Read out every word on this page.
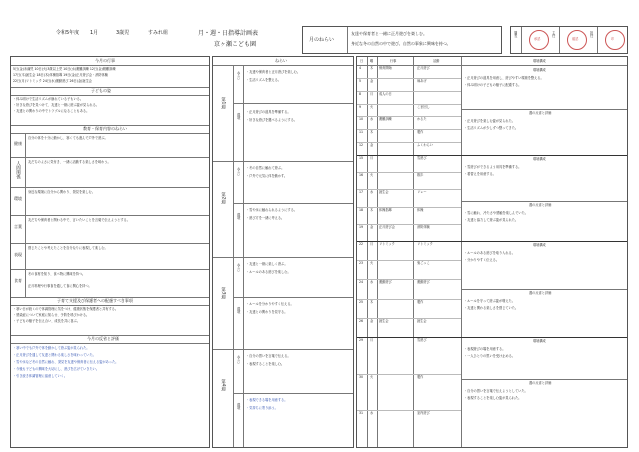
令和5年度 1月	3歳児	すみれ組	月・週・日指導計画表
京ヶ瀬こども園
月のねらい
友達や保育者と一緒に正月遊びを楽しむ。
身近な冬の自然の中で遊び、自然の事象に興味を持つ。
園長	主任	担任
承認	確認	印
今月の行事
5日(金)未満児 10日(火)3歳以上児 10日(水)避難訓練 12日(金)避難訓練
17日(木)誕生会 18日(木)体操指導 19日(金)正月遊び会・消防体験
22日(月)リトミック 24日(水)運動遊び 26日(金)誕生会
子どもの姿
・休み明けで生活リズムが崩れている子もいる。
・好きな遊びを見つけて、友達と一緒に遊ぶ姿が見られる。
・友達との関わりの中でトラブルになることもある。
教育・保育内容のねらい
健康
自分の体を十分に動かし、寒くても進んで戸外で遊ぶ。
人間関係 友だちのよさに気付き、一緒に活動する楽しさを味わう。
環境
身近な環境に自分から関わり、発見を楽しむ。
言葉
友だちや保育者と関わる中で、言いたいことを言葉で伝えようとする。
表現
感じたことや考えたことを自分なりに表現して楽しむ。
食育
冬の食材を知り、食べ物に興味を持つ。
正月料理や行事食を通して食に関心を持つ。
子育て支援及び保護者への配慮すべき事項
・寒い日が続くので体調管理に気をつけ、健康状態を保護者と共有する。
・感染症について家庭に知らせ、予防を呼びかける。
・子どもの様子を伝え合い、成長を共に喜ぶ。
今月の反省と評価
・寒い中でも戸外で体を動かして遊ぶ姿が見られた。
・正月遊びを通して友達と関わる楽しさを味わっていた。
・雪や氷など冬の自然に触れ、発見を友達や保育者に伝える姿があった。
・今後も子どもの興味を大切にし、遊びを広げていきたい。
・引き続き体調管理に留意していく。
ねらい
第1週
ねらい ・友達や保育者と正月遊びを楽しむ。
・生活リズムを整える。
環境
・正月遊びの道具を準備する。
・好きな遊びを選べるようにする。
第2週
ねらい ・冬の自然に触れて遊ぶ。
・戸外で元気に体を動かす。
環境
・雪や氷に触れられるようにする。
・遊び方を一緒に考える。
第3週
ねらい ・友達と一緒に楽しく遊ぶ。
・ルールのある遊びを楽しむ。
環境
・ルールを分かりやすく伝える。
・友達との関わりを見守る。
第4週
ねらい ・自分の思いを言葉で伝える。
・表現することを楽しむ。
環境
・表現できる場を用意する。
・気持ちに寄り添う。
日 曜	行事	活動	環境構成
4	木 保育開始	正月遊び
5	金	凧あげ
8	月 成人の日
9	火	こま回し
10 水 避難訓練	かるた
11 木	製作
12 金	ふくわらい
15 月	雪遊び
16 火	散歩
17 水 誕生会	リレー
18 木 体操指導	体操
19 金 正月遊び会	消防体験
22 月 リトミック	リトミック
23 火	鬼ごっこ
24 水 運動遊び	運動遊び
25 木	製作
26 金 誕生会	誕生会
29 月	雪遊び
30 火	製作
31 水	室内遊び
環境構成
・正月遊びの道具を用意し、遊びやすい環境を整える。
・休み明けの子どもの様子に配慮する。
週の反省と評価
・正月遊びを楽しむ姿が見られた。
・生活リズムが少しずつ整ってきた。
環境構成
・雪遊びができるよう用具を準備する。
・着替えを用意する。
週の反省と評価
・雪に触れ、冷たさや感触を楽しんでいた。
・友達と協力して遊ぶ姿が見られた。
環境構成
・ルールのある遊びを取り入れる。
・分かりやすく伝える。
週の反省と評価
・ルールを守って遊ぶ姿が増えた。
・友達と関わる楽しさを感じていた。
環境構成
・表現遊びの場を用意する。
・一人ひとりの思いを受け止める。
週の反省と評価
・自分の思いを言葉で伝えようとしていた。
・表現することを楽しむ姿が見られた。
